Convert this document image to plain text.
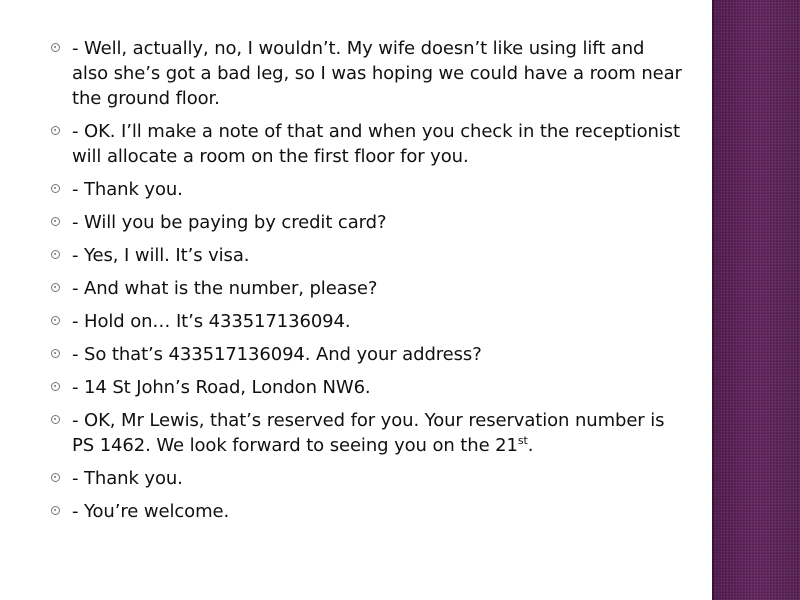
- Well, actually, no, I wouldn’t. My wife doesn’t like using lift and also she’s got a bad leg, so I was hoping we could have a room near the ground floor.
- OK. I’ll make a note of that and when you check in the receptionist will allocate a room on the first floor for you.
- Thank you.
- Will you be paying by credit card?
- Yes, I will. It’s visa.
- And what is the number, please?
- Hold on… It’s 433517136094.
- So that’s 433517136094. And your address?
- 14 St John’s Road, London NW6.
- OK, Mr Lewis, that’s reserved for you. Your reservation number is PS 1462. We look forward to seeing you on the 21st.
- Thank you.
- You’re welcome.
